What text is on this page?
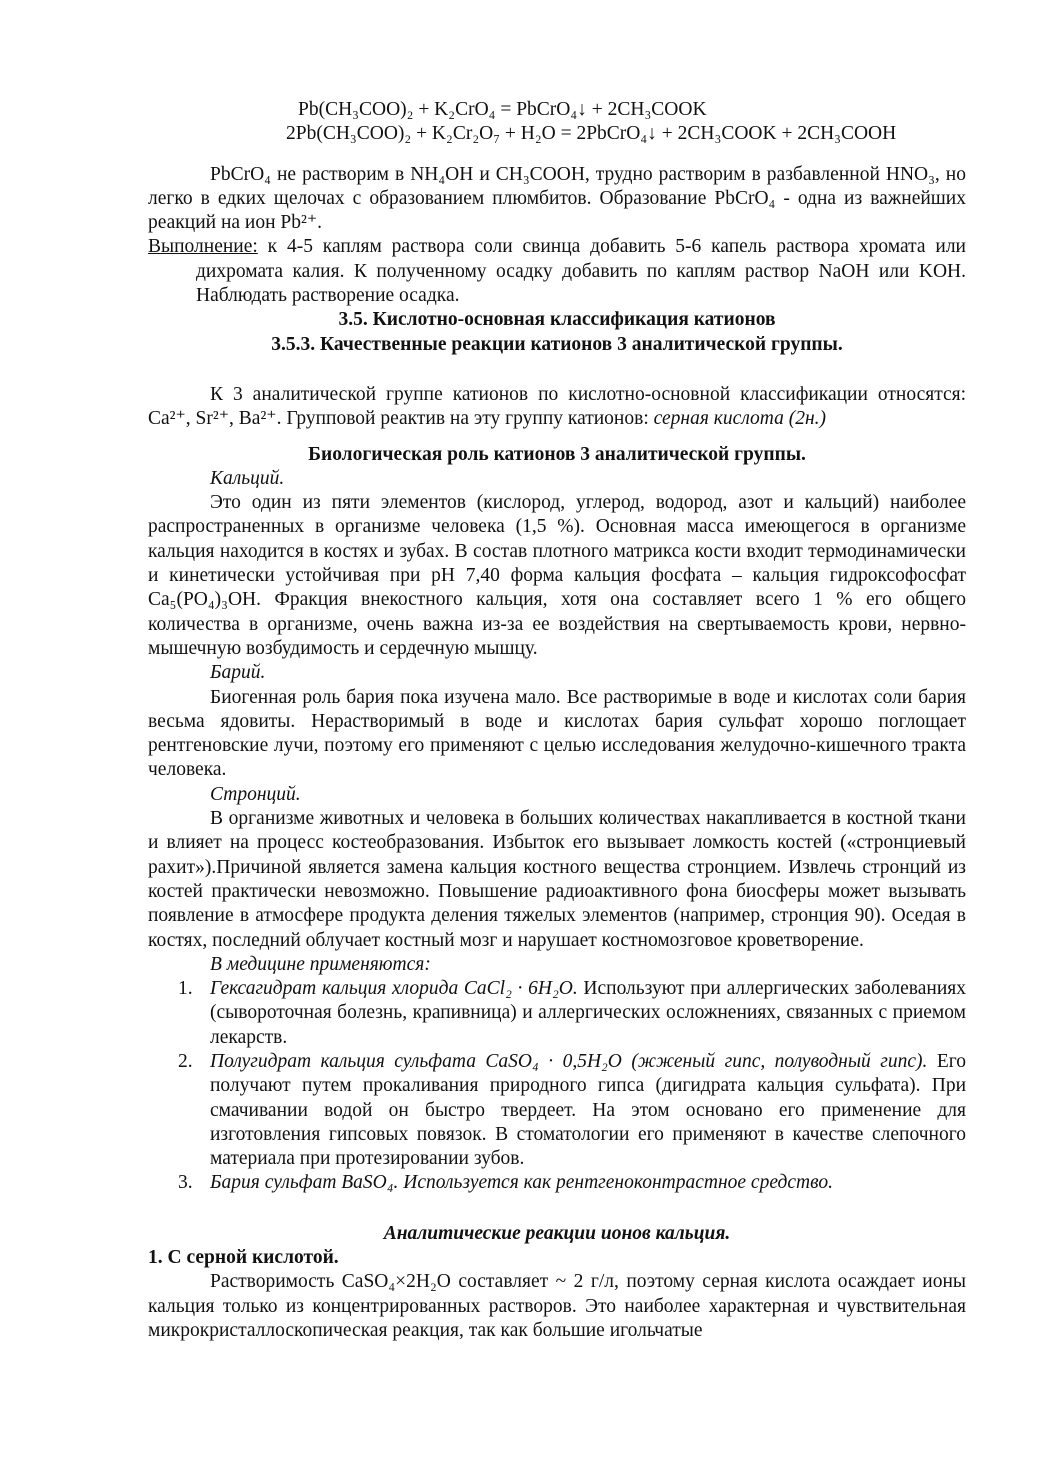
Pb(CH₃COO)₂ + K₂CrO₄ = PbCrO₄↓ + 2CH₃COOK

2Pb(CH₃COO)₂ + K₂Cr₂O₇ + H₂O = 2PbCrO₄↓ + 2CH₃COOK + 2CH₃COOH

PbCrO₄ не растворим в NH₄OH и CH₃COOH, трудно растворим в разбавленной HNO₃, но легко в едких щелочах с образованием плюмбитов. Образование PbCrO₄ - одна из важнейших реакций на ион Pb²⁺.

Выполнение: к 4-5 каплям раствора соли свинца добавить 5-6 капель раствора хромата или дихромата калия. К полученному осадку добавить по каплям раствор NaOH или KOH. Наблюдать растворение осадка.

3.5. Кислотно-основная классификация катионов

3.5.3. Качественные реакции катионов 3 аналитической группы.

К 3 аналитической группе катионов по кислотно-основной классификации относятся: Ca²⁺, Sr²⁺, Ba²⁺. Групповой реактив на эту группу катионов: серная кислота (2н.)

Биологическая роль катионов 3 аналитической группы.

Кальций.

Это один из пяти элементов (кислород, углерод, водород, азот и кальций) наиболее распространенных в организме человека (1,5 %). Основная масса имеющегося в организме кальция находится в костях и зубах. В состав плотного матрикса кости входит термодинамически и кинетически устойчивая при pH 7,40 форма кальция фосфата – кальция гидроксофосфат Ca₅(PO₄)₃OH. Фракция внекостного кальция, хотя она составляет всего 1 % его общего количества в организме, очень важна из-за ее воздействия на свертываемость крови, нервно-мышечную возбудимость и сердечную мышцу.

Барий.

Биогенная роль бария пока изучена мало. Все растворимые в воде и кислотах соли бария весьма ядовиты. Нерастворимый в воде и кислотах бария сульфат хорошо поглощает рентгеновские лучи, поэтому его применяют с целью исследования желудочно-кишечного тракта человека.

Стронций.

В организме животных и человека в больших количествах накапливается в костной ткани и влияет на процесс костеобразования. Избыток его вызывает ломкость костей («стронциевый рахит»).Причиной является замена кальция костного вещества стронцием. Извлечь стронций из костей практически невозможно. Повышение радиоактивного фона биосферы может вызывать появление в атмосфере продукта деления тяжелых элементов (например, стронция 90). Оседая в костях, последний облучает костный мозг и нарушает костномозговое кроветворение.

В медицине применяются:

1. Гексагидрат кальция хлорида CaCl₂ · 6H₂O. Используют при аллергических заболеваниях (сывороточная болезнь, крапивница) и аллергических осложнениях, связанных с приемом лекарств.
2. Полугидрат кальция сульфата CaSO₄ · 0,5H₂O (жженый гипс, полуводный гипс). Его получают путем прокаливания природного гипса (дигидрата кальция сульфата). При смачивании водой он быстро твердеет. На этом основано его применение для изготовления гипсовых повязок. В стоматологии его применяют в качестве слепочного материала при протезировании зубов.
3. Бария сульфат BaSO₄. Используется как рентгеноконтрастное средство.

Аналитические реакции ионов кальция.

1. С серной кислотой.

Растворимость CaSO₄×2H₂O составляет ~ 2 г/л, поэтому серная кислота осаждает ионы кальция только из концентрированных растворов. Это наиболее характерная и чувствительная микрокристаллоскопическая реакция, так как большие игольчатые
